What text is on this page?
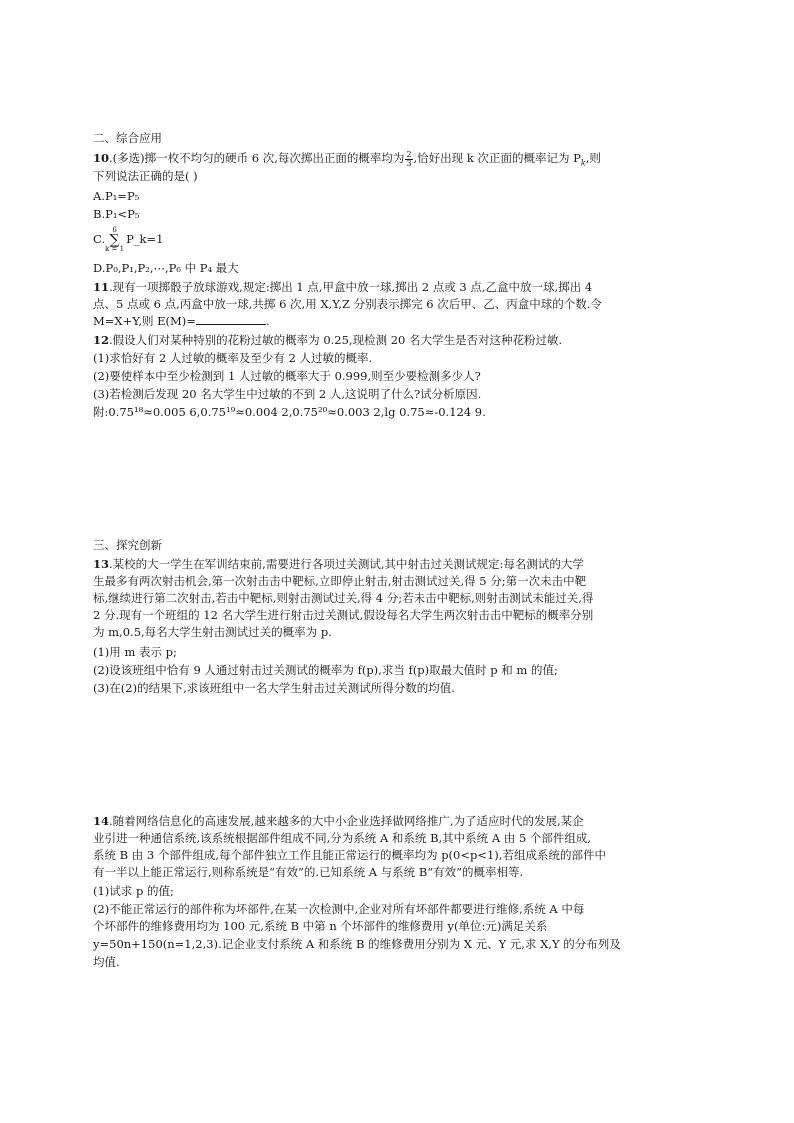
二、综合应用
10.(多选)掷一枚不均匀的硬币 6 次,每次掷出正面的概率均为 $\frac{2}{3}$ ,恰好出现 k 次正面的概率记为 $P_k$,则
下列说法正确的是( )
A.P₁=P₅
B.P₁<P₅
C.
6
∑
k = 1
P_k=1
D.P₀,P₁,P₂,⋯,P₆ 中 P₄ 最大
11.现有一项掷骰子放球游戏,规定:掷出 1 点,甲盒中放一球,掷出 2 点或 3 点,乙盒中放一球,掷出 4
点、5 点或 6 点,丙盒中放一球,共掷 6 次,用 X,Y,Z 分别表示掷完 6 次后甲、乙、丙盒中球的个数.令
M=X+Y,则 E(M)=	.
12.假设人们对某种特别的花粉过敏的概率为 0.25,现检测 20 名大学生是否对这种花粉过敏.
(1)求恰好有 2 人过敏的概率及至少有 2 人过敏的概率.
(2)要使样本中至少检测到 1 人过敏的概率大于 0.999,则至少要检测多少人?
(3)若检测后发现 20 名大学生中过敏的不到 2 人,这说明了什么?试分析原因.
附:0.75¹⁸≈0.005 6,0.75¹⁹≈0.004 2,0.75²⁰≈0.003 2,lg 0.75≈-0.124 9.
三、探究创新
13.某校的大一学生在军训结束前,需要进行各项过关测试,其中射击过关测试规定:每名测试的大学
生最多有两次射击机会,第一次射击击中靶标,立即停止射击,射击测试过关,得 5 分;第一次未击中靶
标,继续进行第二次射击,若击中靶标,则射击测试过关,得 4 分;若未击中靶标,则射击测试未能过关,得
2 分.现有一个班组的 12 名大学生进行射击过关测试,假设每名大学生两次射击击中靶标的概率分别
为 m,0.5,每名大学生射击测试过关的概率为 p.
(1)用 m 表示 p;
(2)设该班组中恰有 9 人通过射击过关测试的概率为 f(p),求当 f(p)取最大值时 p 和 m 的值;
(3)在(2)的结果下,求该班组中一名大学生射击过关测试所得分数的均值.
14.随着网络信息化的高速发展,越来越多的大中小企业选择做网络推广,为了适应时代的发展,某企
业引进一种通信系统,该系统根据部件组成不同,分为系统 A 和系统 B,其中系统 A 由 5 个部件组成,
系统 B 由 3 个部件组成,每个部件独立工作且能正常运行的概率均为 p(0<p<1),若组成系统的部件中
有一半以上能正常运行,则称系统是“有效”的.已知系统 A 与系统 B“有效”的概率相等.
(1)试求 p 的值;
(2)不能正常运行的部件称为坏部件,在某一次检测中,企业对所有坏部件都要进行维修,系统 A 中每
个坏部件的维修费用均为 100 元,系统 B 中第 n 个坏部件的维修费用 y(单位:元)满足关系
y=50n+150(n=1,2,3).记企业支付系统 A 和系统 B 的维修费用分别为 X 元、Y 元,求 X,Y 的分布列及
均值.
